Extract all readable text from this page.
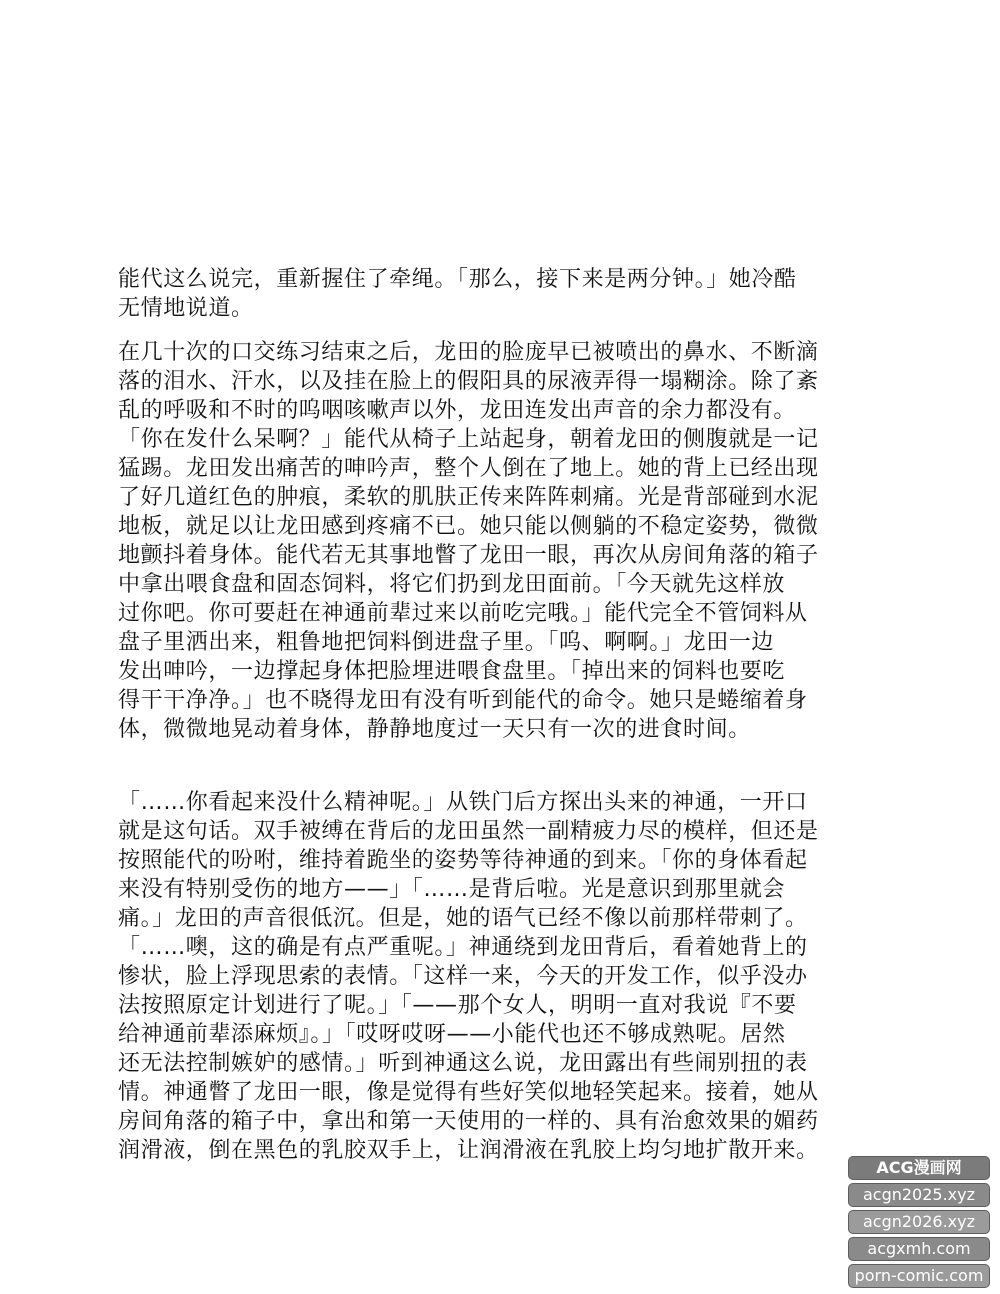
能代这么说完，重新握住了牵绳。「那么，接下来是两分钟。」她冷酷
无情地说道。
在几十次的口交练习结束之后，龙田的脸庞早已被喷出的鼻水、不断滴
落的泪水、汗水，以及挂在脸上的假阳具的尿液弄得一塌糊涂。除了紊
乱的呼吸和不时的呜咽咳嗽声以外，龙田连发出声音的余力都没有。
「你在发什么呆啊？」能代从椅子上站起身，朝着龙田的侧腹就是一记
猛踢。龙田发出痛苦的呻吟声，整个人倒在了地上。她的背上已经出现
了好几道红色的肿痕，柔软的肌肤正传来阵阵刺痛。光是背部碰到水泥
地板，就足以让龙田感到疼痛不已。她只能以侧躺的不稳定姿势，微微
地颤抖着身体。能代若无其事地瞥了龙田一眼，再次从房间角落的箱子
中拿出喂食盘和固态饲料，将它们扔到龙田面前。「今天就先这样放
过你吧。你可要赶在神通前辈过来以前吃完哦。」能代完全不管饲料从
盘子里洒出来，粗鲁地把饲料倒进盘子里。「呜、啊啊。」龙田一边
发出呻吟，一边撑起身体把脸埋进喂食盘里。「掉出来的饲料也要吃
得干干净净。」也不晓得龙田有没有听到能代的命令。她只是蜷缩着身
体，微微地晃动着身体，静静地度过一天只有一次的进食时间。
「……你看起来没什么精神呢。」从铁门后方探出头来的神通，一开口
就是这句话。双手被缚在背后的龙田虽然一副精疲力尽的模样，但还是
按照能代的吩咐，维持着跪坐的姿势等待神通的到来。「你的身体看起
来没有特别受伤的地方——」「……是背后啦。光是意识到那里就会
痛。」龙田的声音很低沉。但是，她的语气已经不像以前那样带刺了。
「……噢，这的确是有点严重呢。」神通绕到龙田背后，看着她背上的
惨状，脸上浮现思索的表情。「这样一来，今天的开发工作，似乎没办
法按照原定计划进行了呢。」「——那个女人，明明一直对我说『不要
给神通前辈添麻烦』。」「哎呀哎呀——小能代也还不够成熟呢。居然
还无法控制嫉妒的感情。」听到神通这么说，龙田露出有些闹别扭的表
情。神通瞥了龙田一眼，像是觉得有些好笑似地轻笑起来。接着，她从
房间角落的箱子中，拿出和第一天使用的一样的、具有治愈效果的媚药
润滑液，倒在黑色的乳胶双手上，让润滑液在乳胶上均匀地扩散开来。
ACG漫画网
acgn2025.xyz
acgn2026.xyz
acgxmh.com
porn-comic.com
